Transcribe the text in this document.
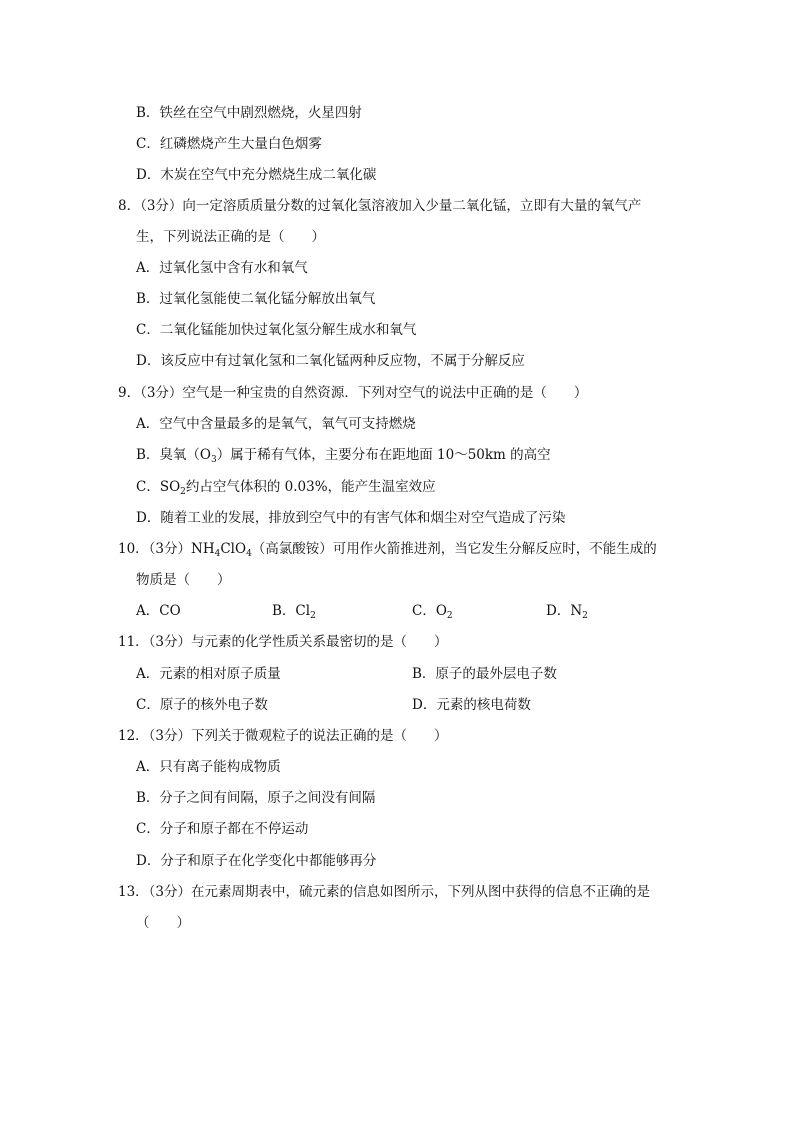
B．铁丝在空气中剧烈燃烧，火星四射
C．红磷燃烧产生大量白色烟雾
D．木炭在空气中充分燃烧生成二氧化碳
8．（3分）向一定溶质质量分数的过氧化氢溶液加入少量二氧化锰，立即有大量的氧气产
生，下列说法正确的是（　　）
A．过氧化氢中含有水和氧气
B．过氧化氢能使二氧化锰分解放出氧气
C．二氧化锰能加快过氧化氢分解生成水和氧气
D．该反应中有过氧化氢和二氧化锰两种反应物，不属于分解反应
9．（3分）空气是一种宝贵的自然资源．下列对空气的说法中正确的是（　　）
A．空气中含量最多的是氧气，氧气可支持燃烧
B．臭氧$(O_3)$属于稀有气体，主要分布在距地面 10～50km 的高空
C．$SO_2$约占空气体积的 0.03%，能产生温室效应
D．随着工业的发展，排放到空气中的有害气体和烟尘对空气造成了污染
10．（3分）$NH_4ClO_4$（高氯酸铵）可用作火箭推进剂，当它发生分解反应时，不能生成的
物质是（　　）
A．CO	B．$Cl_2$	C．$O_2$	D．$N_2$
11．（3分）与元素的化学性质关系最密切的是（　　）
A．元素的相对原子质量	B．原子的最外层电子数
C．原子的核外电子数	D．元素的核电荷数
12．（3分）下列关于微观粒子的说法正确的是（　　）
A．只有离子能构成物质
B．分子之间有间隔，原子之间没有间隔
C．分子和原子都在不停运动
D．分子和原子在化学变化中都能够再分
13．（3分）在元素周期表中，硫元素的信息如图所示，下列从图中获得的信息不正确的是
（　　）
